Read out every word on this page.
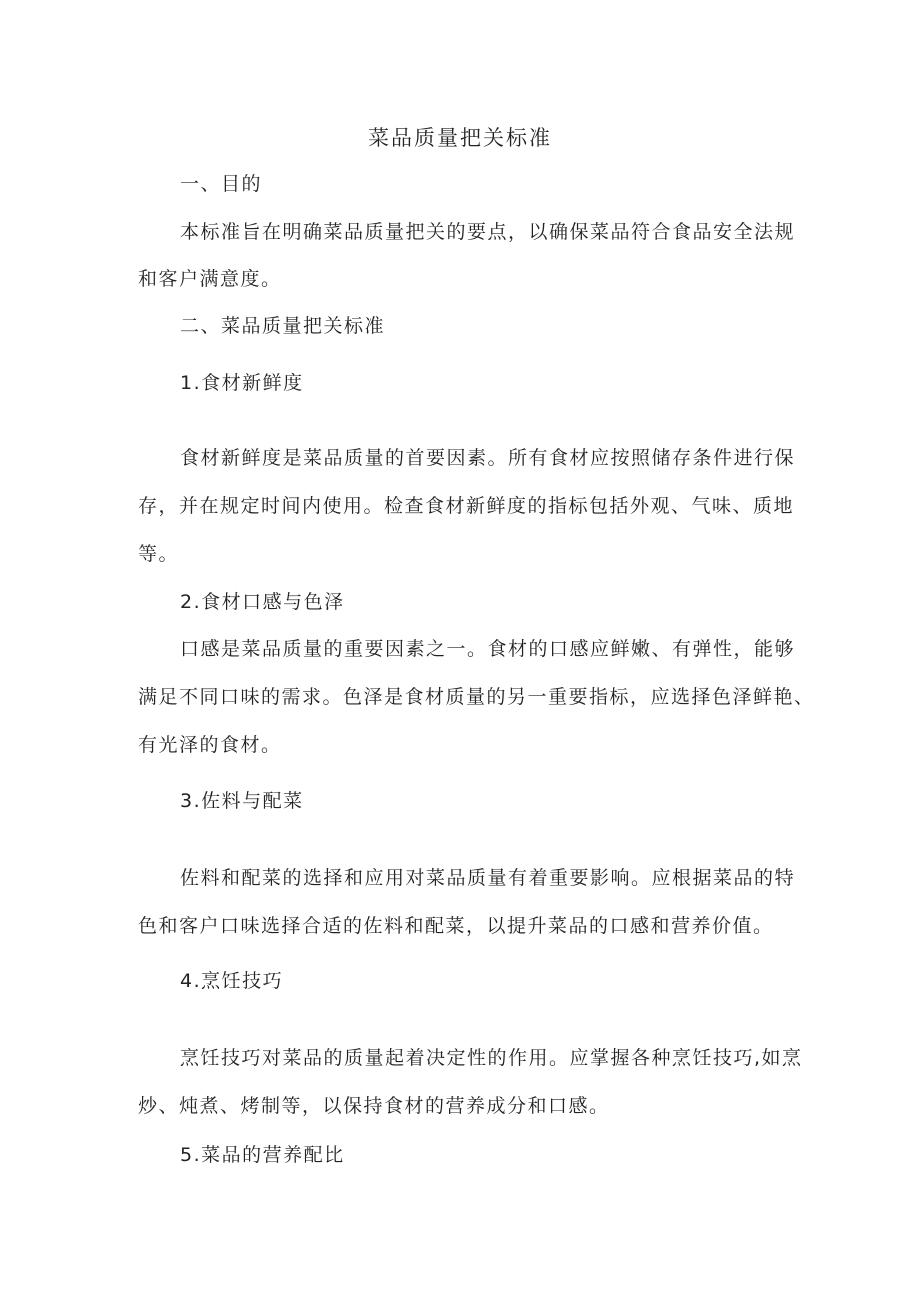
菜品质量把关标准
一、目的
本标准旨在明确菜品质量把关的要点，以确保菜品符合食品安全法规
和客户满意度。
二、菜品质量把关标准
1.食材新鲜度
食材新鲜度是菜品质量的首要因素。所有食材应按照储存条件进行保
存，并在规定时间内使用。检查食材新鲜度的指标包括外观、气味、质地
等。
2.食材口感与色泽
口感是菜品质量的重要因素之一。食材的口感应鲜嫩、有弹性，能够
满足不同口味的需求。色泽是食材质量的另一重要指标，应选择色泽鲜艳、
有光泽的食材。
3.佐料与配菜
佐料和配菜的选择和应用对菜品质量有着重要影响。应根据菜品的特
色和客户口味选择合适的佐料和配菜，以提升菜品的口感和营养价值。
4.烹饪技巧
烹饪技巧对菜品的质量起着决定性的作用。应掌握各种烹饪技巧,如烹
炒、炖煮、烤制等，以保持食材的营养成分和口感。
5.菜品的营养配比
